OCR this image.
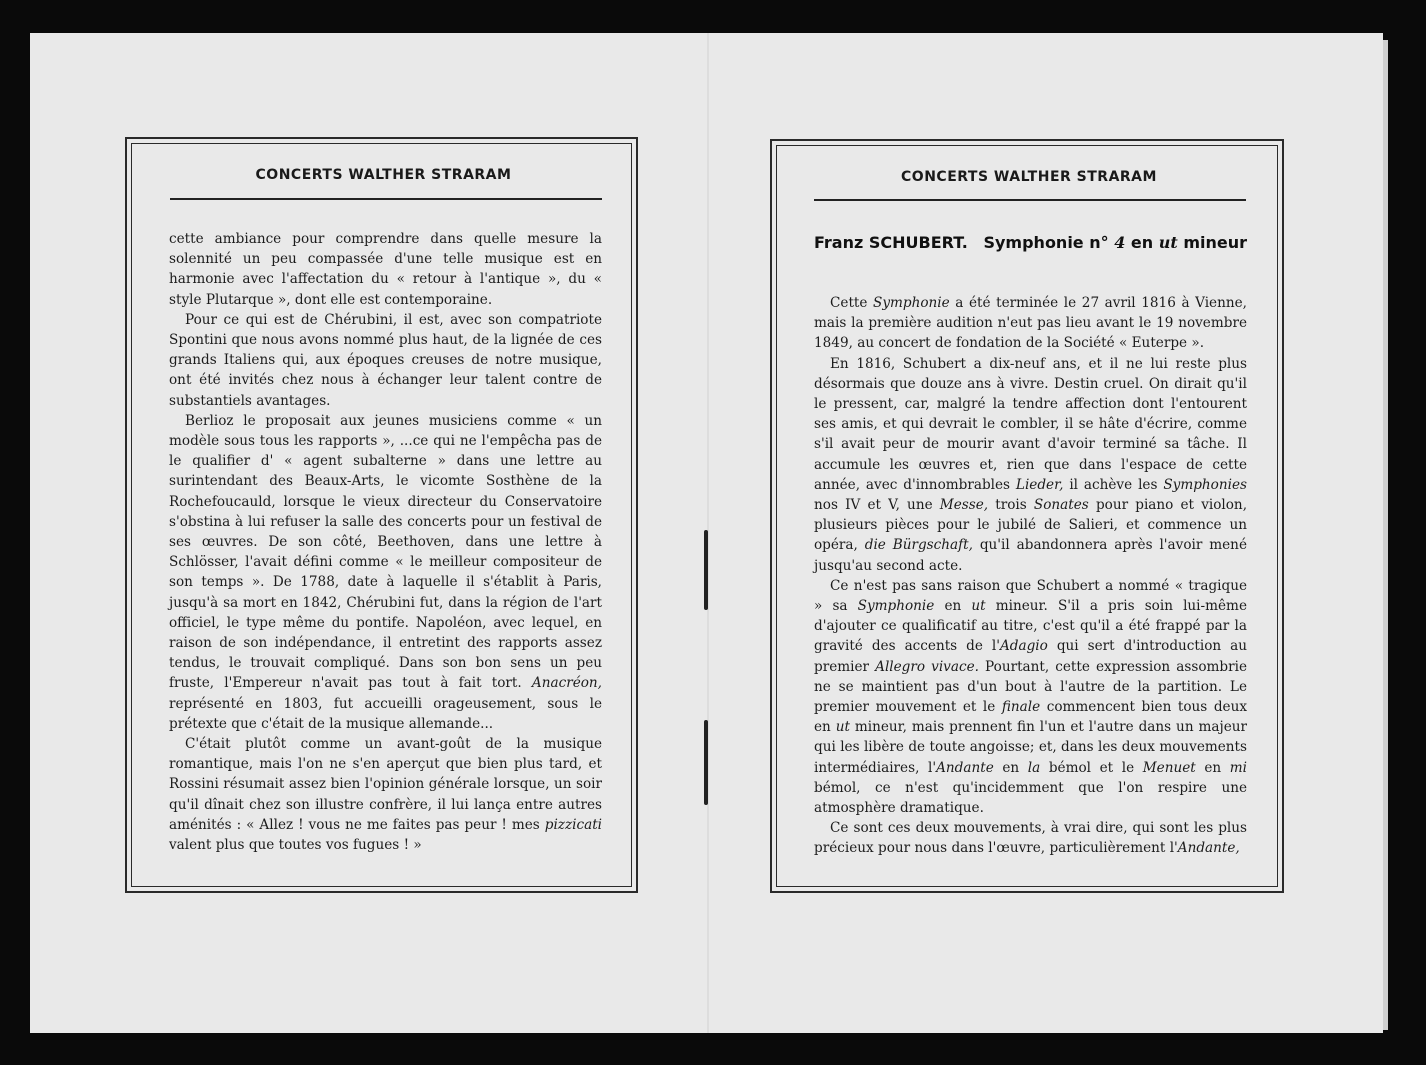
CONCERTS WALTHER STRARAM

cette ambiance pour comprendre dans quelle mesure la solennité un peu compassée d'une telle musique est en harmonie avec l'affectation du « retour à l'antique », du « style Plutarque », dont elle est contemporaine.

Pour ce qui est de Chérubini, il est, avec son compatriote Spontini que nous avons nommé plus haut, de la lignée de ces grands Italiens qui, aux époques creuses de notre musique, ont été invités chez nous à échanger leur talent contre de substantiels avantages.

Berlioz le proposait aux jeunes musiciens comme « un modèle sous tous les rapports », ...ce qui ne l'empêcha pas de le qualifier d' « agent subalterne » dans une lettre au surintendant des Beaux-Arts, le vicomte Sosthène de la Rochefoucauld, lorsque le vieux directeur du Conservatoire s'obstina à lui refuser la salle des concerts pour un festival de ses œuvres. De son côté, Beethoven, dans une lettre à Schlösser, l'avait défini comme « le meilleur compositeur de son temps ». De 1788, date à laquelle il s'établit à Paris, jusqu'à sa mort en 1842, Chérubini fut, dans la région de l'art officiel, le type même du pontife. Napoléon, avec lequel, en raison de son indépendance, il entretint des rapports assez tendus, le trouvait compliqué. Dans son bon sens un peu fruste, l'Empereur n'avait pas tout à fait tort. Anacréon, représenté en 1803, fut accueilli orageusement, sous le prétexte que c'était de la musique allemande...

C'était plutôt comme un avant-goût de la musique romantique, mais l'on ne s'en aperçut que bien plus tard, et Rossini résumait assez bien l'opinion générale lorsque, un soir qu'il dînait chez son illustre confrère, il lui lança entre autres aménités : « Allez ! vous ne me faites pas peur ! mes pizzicati valent plus que toutes vos fugues ! »

CONCERTS WALTHER STRARAM
Franz SCHUBERT. Symphonie n° 4 en ut mineur

Cette Symphonie a été terminée le 27 avril 1816 à Vienne, mais la première audition n'eut pas lieu avant le 19 novembre 1849, au concert de fondation de la Société « Euterpe ».

En 1816, Schubert a dix-neuf ans, et il ne lui reste plus désormais que douze ans à vivre. Destin cruel. On dirait qu'il le pressent, car, malgré la tendre affection dont l'entourent ses amis, et qui devrait le combler, il se hâte d'écrire, comme s'il avait peur de mourir avant d'avoir terminé sa tâche. Il accumule les œuvres et, rien que dans l'espace de cette année, avec d'innombrables Lieder, il achève les Symphonies nos IV et V, une Messe, trois Sonates pour piano et violon, plusieurs pièces pour le jubilé de Salieri, et commence un opéra, die Bürgschaft, qu'il abandonnera après l'avoir mené jusqu'au second acte.

Ce n'est pas sans raison que Schubert a nommé « tragique » sa Symphonie en ut mineur. S'il a pris soin lui-même d'ajouter ce qualificatif au titre, c'est qu'il a été frappé par la gravité des accents de l'Adagio qui sert d'introduction au premier Allegro vivace. Pourtant, cette expression assombrie ne se maintient pas d'un bout à l'autre de la partition. Le premier mouvement et le finale commencent bien tous deux en ut mineur, mais prennent fin l'un et l'autre dans un majeur qui les libère de toute angoisse; et, dans les deux mouvements intermédiaires, l'Andante en la bémol et le Menuet en mi bémol, ce n'est qu'incidemment que l'on respire une atmosphère dramatique.

Ce sont ces deux mouvements, à vrai dire, qui sont les plus précieux pour nous dans l'œuvre, particulièrement l'Andante,
